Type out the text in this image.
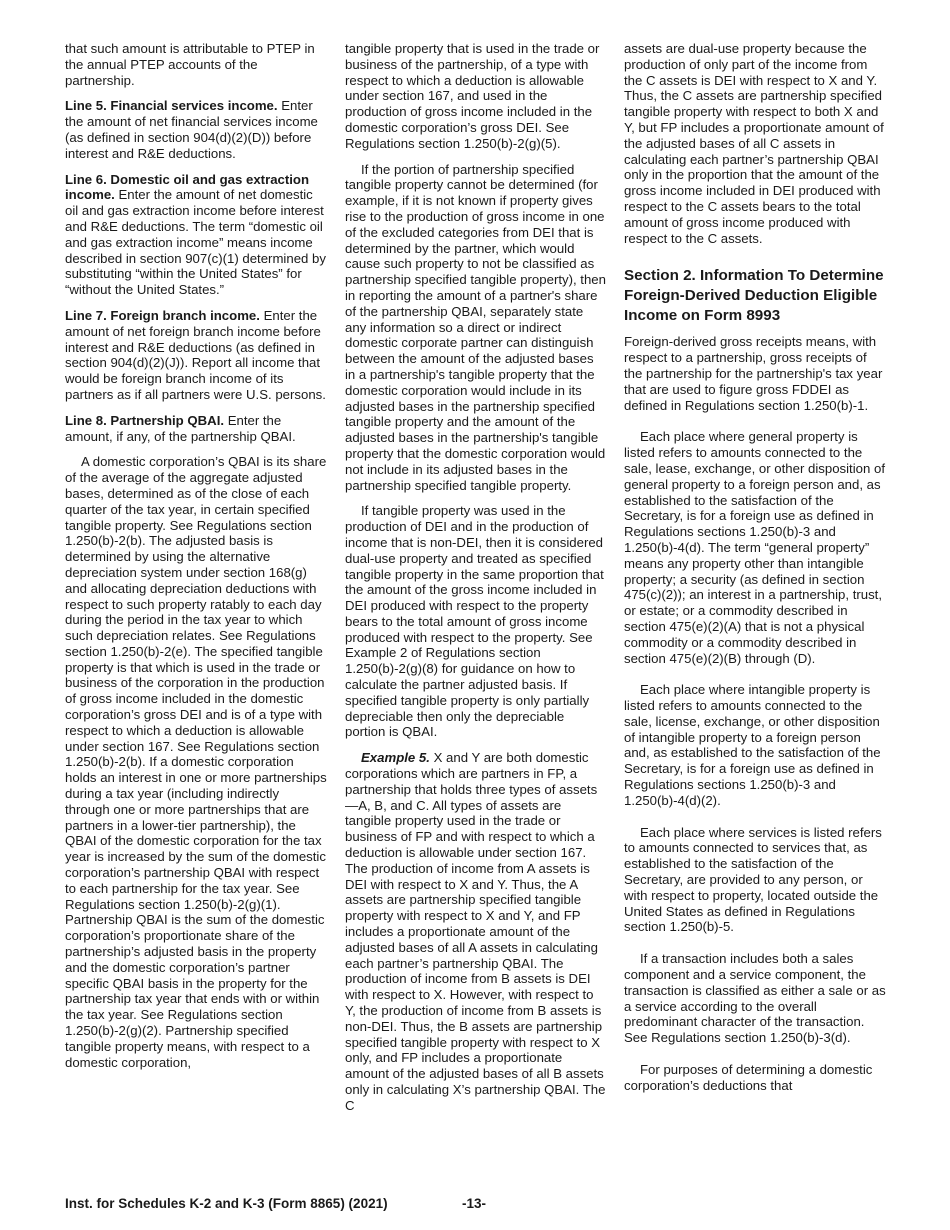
that such amount is attributable to PTEP in the annual PTEP accounts of the partnership.

Line 5. Financial services income. Enter the amount of net financial services income (as defined in section 904(d)(2)(D)) before interest and R&E deductions.

Line 6. Domestic oil and gas extraction income. Enter the amount of net domestic oil and gas extraction income before interest and R&E deductions. The term “domestic oil and gas extraction income” means income described in section 907(c)(1) determined by substituting “within the United States” for “without the United States.”

Line 7. Foreign branch income. Enter the amount of net foreign branch income before interest and R&E deductions (as defined in section 904(d)(2)(J)). Report all income that would be foreign branch income of its partners as if all partners were U.S. persons.

Line 8. Partnership QBAI. Enter the amount, if any, of the partnership QBAI.

A domestic corporation’s QBAI is its share of the average of the aggregate adjusted bases, determined as of the close of each quarter of the tax year, in certain specified tangible property. See Regulations section 1.250(b)-2(b). The adjusted basis is determined by using the alternative depreciation system under section 168(g) and allocating depreciation deductions with respect to such property ratably to each day during the period in the tax year to which such depreciation relates. See Regulations section 1.250(b)-2(e). The specified tangible property is that which is used in the trade or business of the corporation in the production of gross income included in the domestic corporation’s gross DEI and is of a type with respect to which a deduction is allowable under section 167. See Regulations section 1.250(b)-2(b). If a domestic corporation holds an interest in one or more partnerships during a tax year (including indirectly through one or more partnerships that are partners in a lower-tier partnership), the QBAI of the domestic corporation for the tax year is increased by the sum of the domestic corporation’s partnership QBAI with respect to each partnership for the tax year. See Regulations section 1.250(b)-2(g)(1). Partnership QBAI is the sum of the domestic corporation’s proportionate share of the partnership’s adjusted basis in the property and the domestic corporation’s partner specific QBAI basis in the property for the partnership tax year that ends with or within the tax year. See Regulations section 1.250(b)-2(g)(2). Partnership specified tangible property means, with respect to a domestic corporation,

tangible property that is used in the trade or business of the partnership, of a type with respect to which a deduction is allowable under section 167, and used in the production of gross income included in the domestic corporation’s gross DEI. See Regulations section 1.250(b)-2(g)(5).

If the portion of partnership specified tangible property cannot be determined (for example, if it is not known if property gives rise to the production of gross income in one of the excluded categories from DEI that is determined by the partner, which would cause such property to not be classified as partnership specified tangible property), then in reporting the amount of a partner's share of the partnership QBAI, separately state any information so a direct or indirect domestic corporate partner can distinguish between the amount of the adjusted bases in a partnership's tangible property that the domestic corporation would include in its adjusted bases in the partnership specified tangible property and the amount of the adjusted bases in the partnership's tangible property that the domestic corporation would not include in its adjusted bases in the partnership specified tangible property.

If tangible property was used in the production of DEI and in the production of income that is non-DEI, then it is considered dual-use property and treated as specified tangible property in the same proportion that the amount of the gross income included in DEI produced with respect to the property bears to the total amount of gross income produced with respect to the property. See Example 2 of Regulations section 1.250(b)-2(g)(8) for guidance on how to calculate the partner adjusted basis. If specified tangible property is only partially depreciable then only the depreciable portion is QBAI.

Example 5. X and Y are both domestic corporations which are partners in FP, a partnership that holds three types of assets—A, B, and C. All types of assets are tangible property used in the trade or business of FP and with respect to which a deduction is allowable under section 167. The production of income from A assets is DEI with respect to X and Y. Thus, the A assets are partnership specified tangible property with respect to X and Y, and FP includes a proportionate amount of the adjusted bases of all A assets in calculating each partner’s partnership QBAI. The production of income from B assets is DEI with respect to X. However, with respect to Y, the production of income from B assets is non-DEI. Thus, the B assets are partnership specified tangible property with respect to X only, and FP includes a proportionate amount of the adjusted bases of all B assets only in calculating X’s partnership QBAI. The C

assets are dual-use property because the production of only part of the income from the C assets is DEI with respect to X and Y. Thus, the C assets are partnership specified tangible property with respect to both X and Y, but FP includes a proportionate amount of the adjusted bases of all C assets in calculating each partner’s partnership QBAI only in the proportion that the amount of the gross income included in DEI produced with respect to the C assets bears to the total amount of gross income produced with respect to the C assets.

Section 2. Information To Determine Foreign-Derived Deduction Eligible Income on Form 8993

Foreign-derived gross receipts means, with respect to a partnership, gross receipts of the partnership for the partnership's tax year that are used to figure gross FDDEI as defined in Regulations section 1.250(b)-1.

Each place where general property is listed refers to amounts connected to the sale, lease, exchange, or other disposition of general property to a foreign person and, as established to the satisfaction of the Secretary, is for a foreign use as defined in Regulations sections 1.250(b)-3 and 1.250(b)-4(d). The term “general property” means any property other than intangible property; a security (as defined in section 475(c)(2)); an interest in a partnership, trust, or estate; or a commodity described in section 475(e)(2)(A) that is not a physical commodity or a commodity described in section 475(e)(2)(B) through (D).

Each place where intangible property is listed refers to amounts connected to the sale, license, exchange, or other disposition of intangible property to a foreign person and, as established to the satisfaction of the Secretary, is for a foreign use as defined in Regulations sections 1.250(b)-3 and 1.250(b)-4(d)(2).

Each place where services is listed refers to amounts connected to services that, as established to the satisfaction of the Secretary, are provided to any person, or with respect to property, located outside the United States as defined in Regulations section 1.250(b)-5.

If a transaction includes both a sales component and a service component, the transaction is classified as either a sale or as a service according to the overall predominant character of the transaction. See Regulations section 1.250(b)-3(d).

For purposes of determining a domestic corporation’s deductions that

Inst. for Schedules K-2 and K-3 (Form 8865) (2021)	-13-
